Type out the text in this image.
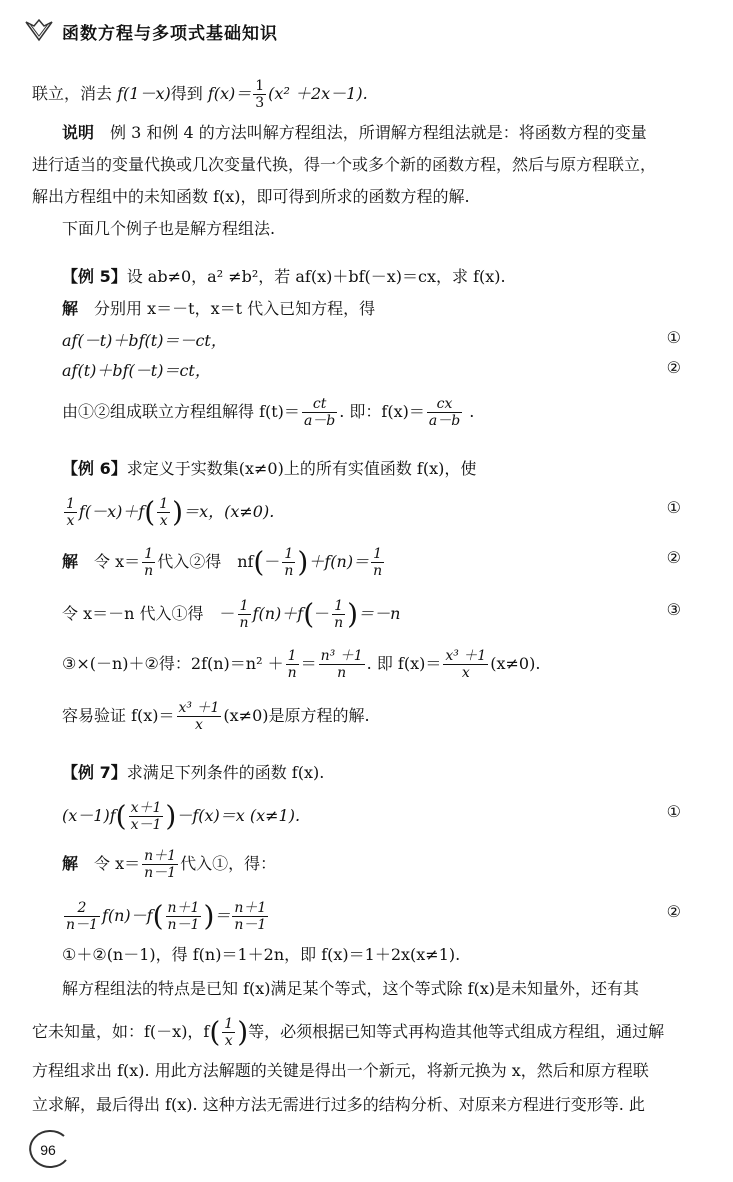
函数方程与多项式基础知识
联立，消去 f(1－x)得到 $f(x)= \frac{1}{3} (x^2 +2x-1)$.
说明　 例 3 和例 4 的方法叫解方程组法，所谓解方程组法就是：将函数方程的变量
进行适当的变量代换或几次变量代换，得一个或多个新的函数方程，然后与原方程联立，
解出方程组中的未知函数 f(x)，即可得到所求的函数方程的解.
下面几个例子也是解方程组法.
【例 5】设 ab≠0，a² ≠b²，若 af(x)＋bf(－x)＝cx，求 f(x).
解　 分别用 x＝－t，x＝t 代入已知方程，得
af(－t)＋bf(t)＝－ct，	①
af(t)＋bf(－t)＝ct，	②
由①②组成联立方程组解得 $f(t)= \frac{ct}{a-b}$ . 即：$f(x)= \frac{cx}{a-b}$ .
【例 6】求定义于实数集(x≠0)上的所有实值函数 f(x)，使
$\frac{1}{x} f(-x)+f( \frac{1}{x} )=x$，(x≠0).	①
解　 令 $x= \frac{1}{n}$ 代入②得　$nf(- \frac{1}{n} )+f(n)= \frac{1}{n}$	②
令 x＝－n 代入①得　－ $\frac{1}{n} f(n)+f(- \frac{1}{n} )=-n$	③
③×(－n)＋②得：$2f(n)=n^2 + \frac{1}{n} = \frac{\text{n³ ＋1}}{n}$ . 即 $f(x)= \frac{\text{x³ ＋1}}{x} (x\ne 0)$.
容易验证 $f(x)= \frac{\text{x³ ＋1}}{x} (x\ne 0)$是原方程的解.
【例 7】求满足下列条件的函数 f(x).
$(x-1)f( \frac{x+1}{x-1} )-f(x)=x$ (x≠1).	①
解　 令 $x= \frac{n+1}{n-1}$ 代入①，得：
$\frac{2}{n-1} f(n)-f( \frac{n+1}{n-1}$ )＝ $\frac{n+1}{n-1}$	②
①＋②(n－1)，得 f(n)＝1＋2n，即 f(x)＝1＋2x(x≠1).
解方程组法的特点是已知 f(x)满足某个等式，这个等式除 f(x)是未知量外，还有其
它未知量，如：f(－x)，$f( \frac{1}{x}$ )等，必须根据已知等式再构造其他等式组成方程组，通过解
方程组求出 f(x). 用此方法解题的关键是得出一个新元，将新元换为 x，然后和原方程联
立求解，最后得出 f(x). 这种方法无需进行过多的结构分析、对原来方程进行变形等. 此
96
